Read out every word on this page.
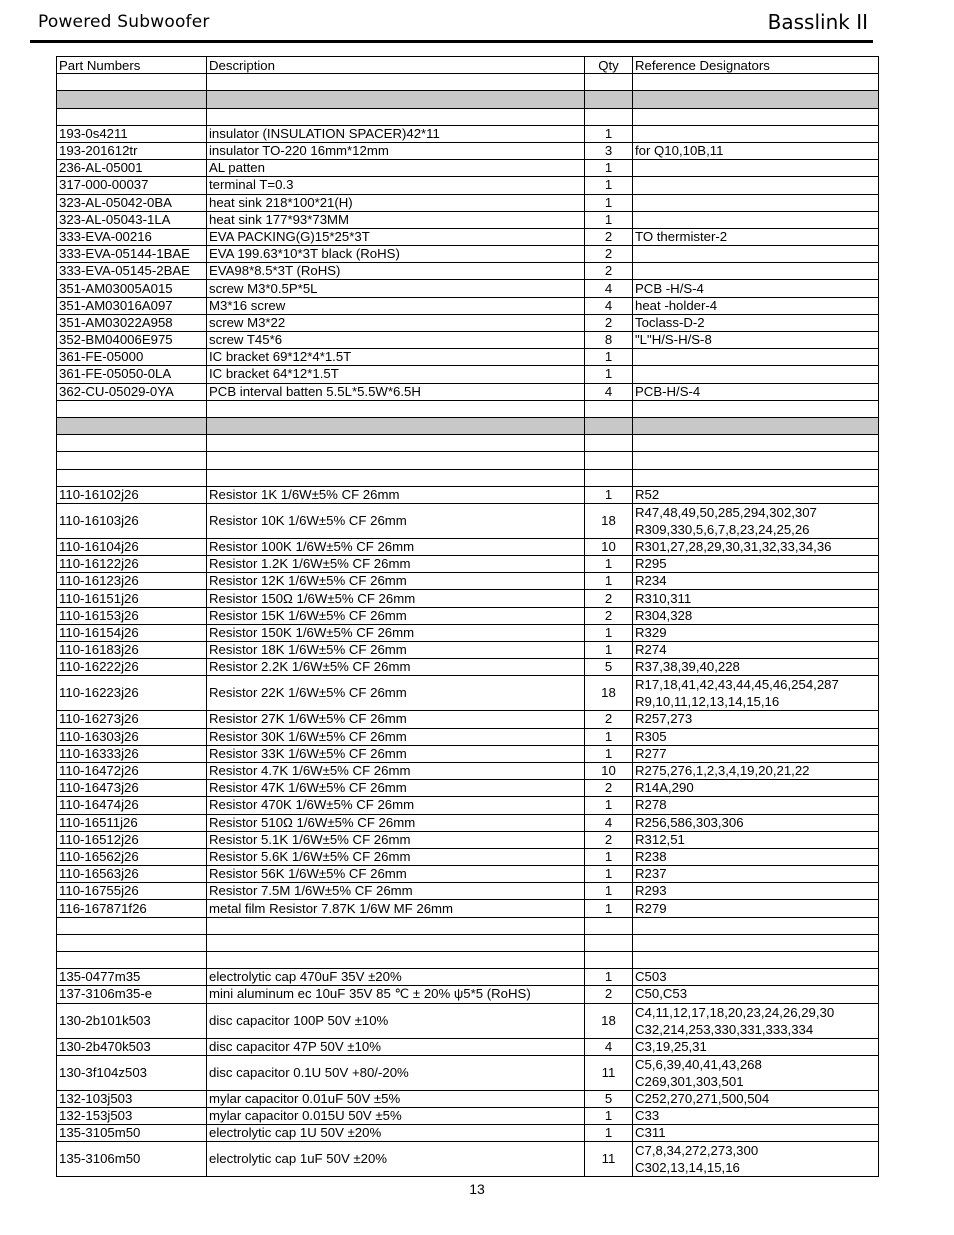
Powered Subwoofer	Basslink II
Part Numbers	Description	Qty	Reference Designators

193-0s4211	insulator (INSULATION SPACER)42*11	1	
193-201612tr	insulator TO-220 16mm*12mm	3	for Q10,10B,11
236-AL-05001	AL patten	1	
317-000-00037	terminal T=0.3	1	
323-AL-05042-0BA	heat sink 218*100*21(H)	1	
323-AL-05043-1LA	heat sink 177*93*73MM	1	
333-EVA-00216	EVA PACKING(G)15*25*3T	2	TO thermister-2
333-EVA-05144-1BAE	EVA 199.63*10*3T black (RoHS)	2	
333-EVA-05145-2BAE	EVA98*8.5*3T (RoHS)	2	
351-AM03005A015	screw M3*0.5P*5L	4	PCB -H/S-4
351-AM03016A097	M3*16 screw	4	heat -holder-4
351-AM03022A958	screw M3*22	2	Toclass-D-2
352-BM04006E975	screw T45*6	8	"L"H/S-H/S-8
361-FE-05000	IC bracket 69*12*4*1.5T	1	
361-FE-05050-0LA	IC bracket 64*12*1.5T	1	
362-CU-05029-0YA	PCB interval batten 5.5L*5.5W*6.5H	4	PCB-H/S-4

110-16102j26	Resistor 1K 1/6W±5% CF 26mm	1	R52
110-16103j26	Resistor 10K 1/6W±5% CF 26mm	18	R47,48,49,50,285,294,302,307
R309,330,5,6,7,8,23,24,25,26

110-16104j26	Resistor 100K 1/6W±5% CF 26mm	10	R301,27,28,29,30,31,32,33,34,36
110-16122j26	Resistor 1.2K 1/6W±5% CF 26mm	1	R295
110-16123j26	Resistor 12K 1/6W±5% CF 26mm	1	R234
110-16151j26	Resistor 150Ω 1/6W±5% CF 26mm	2	R310,311
110-16153j26	Resistor 15K 1/6W±5% CF 26mm	2	R304,328
110-16154j26	Resistor 150K 1/6W±5% CF 26mm	1	R329
110-16183j26	Resistor 18K 1/6W±5% CF 26mm	1	R274
110-16222j26	Resistor 2.2K 1/6W±5% CF 26mm	5	R37,38,39,40,228
110-16223j26	Resistor 22K 1/6W±5% CF 26mm	18	R17,18,41,42,43,44,45,46,254,287
R9,10,11,12,13,14,15,16

110-16273j26	Resistor 27K 1/6W±5% CF 26mm	2	R257,273
110-16303j26	Resistor 30K 1/6W±5% CF 26mm	1	R305
110-16333j26	Resistor 33K 1/6W±5% CF 26mm	1	R277
110-16472j26	Resistor 4.7K 1/6W±5% CF 26mm	10	R275,276,1,2,3,4,19,20,21,22
110-16473j26	Resistor 47K 1/6W±5% CF 26mm	2	R14A,290
110-16474j26	Resistor 470K 1/6W±5% CF 26mm	1	R278
110-16511j26	Resistor 510Ω 1/6W±5% CF 26mm	4	R256,586,303,306
110-16512j26	Resistor 5.1K 1/6W±5% CF 26mm	2	R312,51
110-16562j26	Resistor 5.6K 1/6W±5% CF 26mm	1	R238
110-16563j26	Resistor 56K 1/6W±5% CF 26mm	1	R237
110-16755j26	Resistor 7.5M 1/6W±5% CF 26mm	1	R293
116-167871f26	metal film Resistor 7.87K 1/6W MF 26mm	1	R279

135-0477m35	electrolytic cap 470uF 35V ±20%	1	C503
137-3106m35-e	mini aluminum ec 10uF 35V 85 ℃ ± 20% ψ5*5 (RoHS)	2	C50,C53
130-2b101k503	disc capacitor 100P 50V ±10%	18	C4,11,12,17,18,20,23,24,26,29,30
C32,214,253,330,331,333,334

130-2b470k503	disc capacitor 47P 50V ±10%	4	C3,19,25,31
130-3f104z503	disc capacitor 0.1U 50V +80/-20%	11	C5,6,39,40,41,43,268
C269,301,303,501

132-103j503	mylar capacitor 0.01uF 50V ±5%	5	C252,270,271,500,504
132-153j503	mylar capacitor 0.015U 50V ±5%	1	C33
135-3105m50	electrolytic cap 1U 50V ±20%	1	C311
135-3106m50	electrolytic cap 1uF 50V ±20%	11	C7,8,34,272,273,300
C302,13,14,15,16
13
